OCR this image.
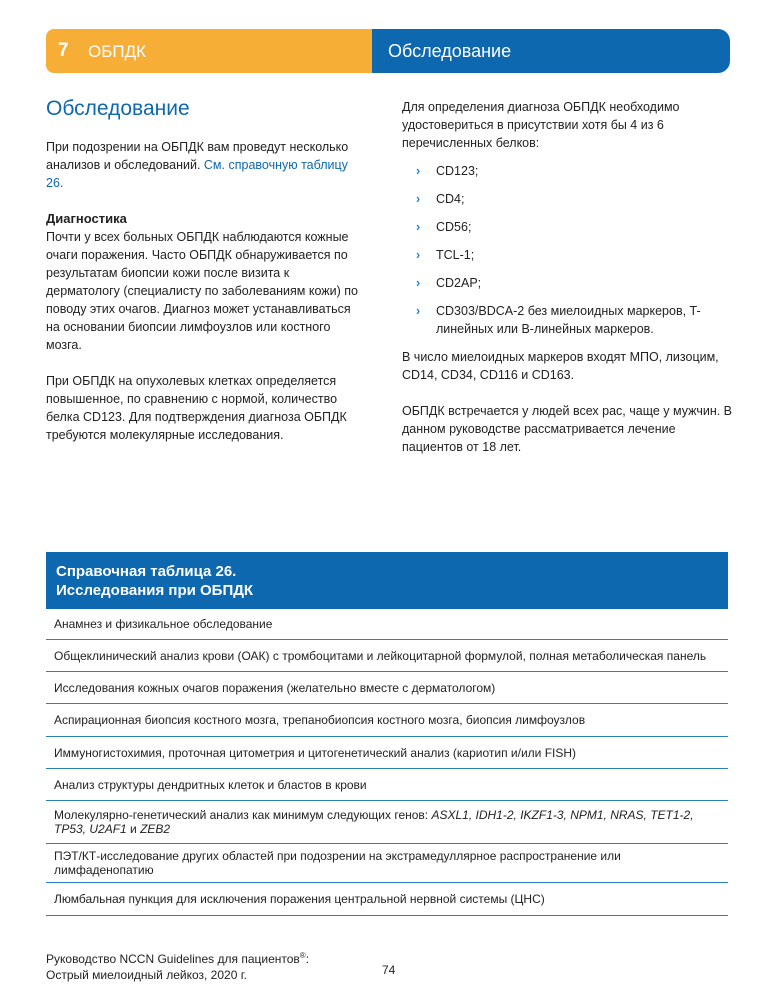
7 ОБПДК	Обследование
Обследование

При подозрении на ОБПДК вам проведут несколько анализов и обследований. См. справочную таблицу 26.

Диагностика

Почти у всех больных ОБПДК наблюдаются кожные очаги поражения. Часто ОБПДК обнаруживается по результатам биопсии кожи после визита к дерматологу (специалисту по заболеваниям кожи) по поводу этих очагов. Диагноз может устанавливаться на основании биопсии лимфоузлов или костного мозга.

При ОБПДК на опухолевых клетках определяется повышенное, по сравнению с нормой, количество белка CD123. Для подтверждения диагноза ОБПДК требуются молекулярные исследования.

Для определения диагноза ОБПДК необходимо удостовериться в присутствии хотя бы 4 из 6 перечисленных белков:

› CD123;
› CD4;
› CD56;
› TCL-1;
› CD2AP;
› CD303/BDCA-2 без миелоидных маркеров, T-линейных или B-линейных маркеров.

В число миелоидных маркеров входят МПО, лизоцим, CD14, CD34, CD116 и CD163.

ОБПДК встречается у людей всех рас, чаще у мужчин. В данном руководстве рассматривается лечение пациентов от 18 лет.

Справочная таблица 26.
Исследования при ОБПДК
Анамнез и физикальное обследование
Общеклинический анализ крови (ОАК) с тромбоцитами и лейкоцитарной формулой, полная метаболическая панель
Исследования кожных очагов поражения (желательно вместе с дерматологом)
Аспирационная биопсия костного мозга, трепанобиопсия костного мозга, биопсия лимфоузлов
Иммуногистохимия, проточная цитометрия и цитогенетический анализ (кариотип и/или FISH)
Анализ структуры дендритных клеток и бластов в крови
Молекулярно-генетический анализ как минимум следующих генов: ASXL1, IDH1-2, IKZF1-3, NPM1, NRAS, TET1-2, TP53, U2AF1 и ZEB2
ПЭТ/КТ-исследование других областей при подозрении на экстрамедуллярное распространение или лимфаденопатию
Люмбальная пункция для исключения поражения центральной нервной системы (ЦНС)
Руководство NCCN Guidelines для пациентов®:
Острый миелоидный лейкоз, 2020 г.	74
